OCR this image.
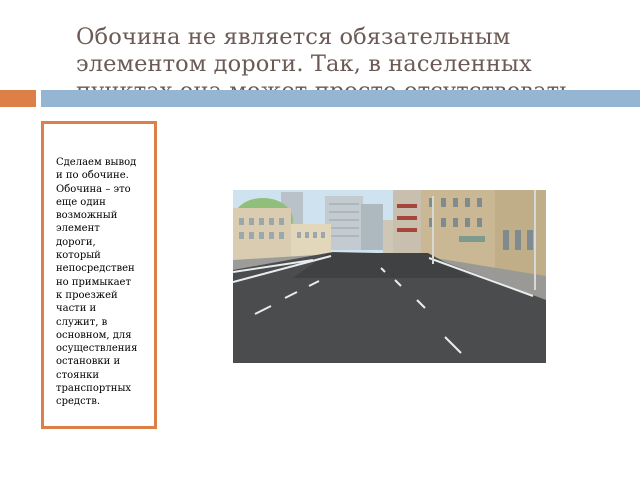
Обочина не является обязательным элементом дороги. Так, в населенных
Сделаем вывод
и по обочине.
Обочина – это
еще один
возможный
элемент
дороги,
который
непосредствен
но примыкает
к проезжей
части и
служит, в
основном, для
осуществления
остановки и
стоянки
транспортных
средств.
